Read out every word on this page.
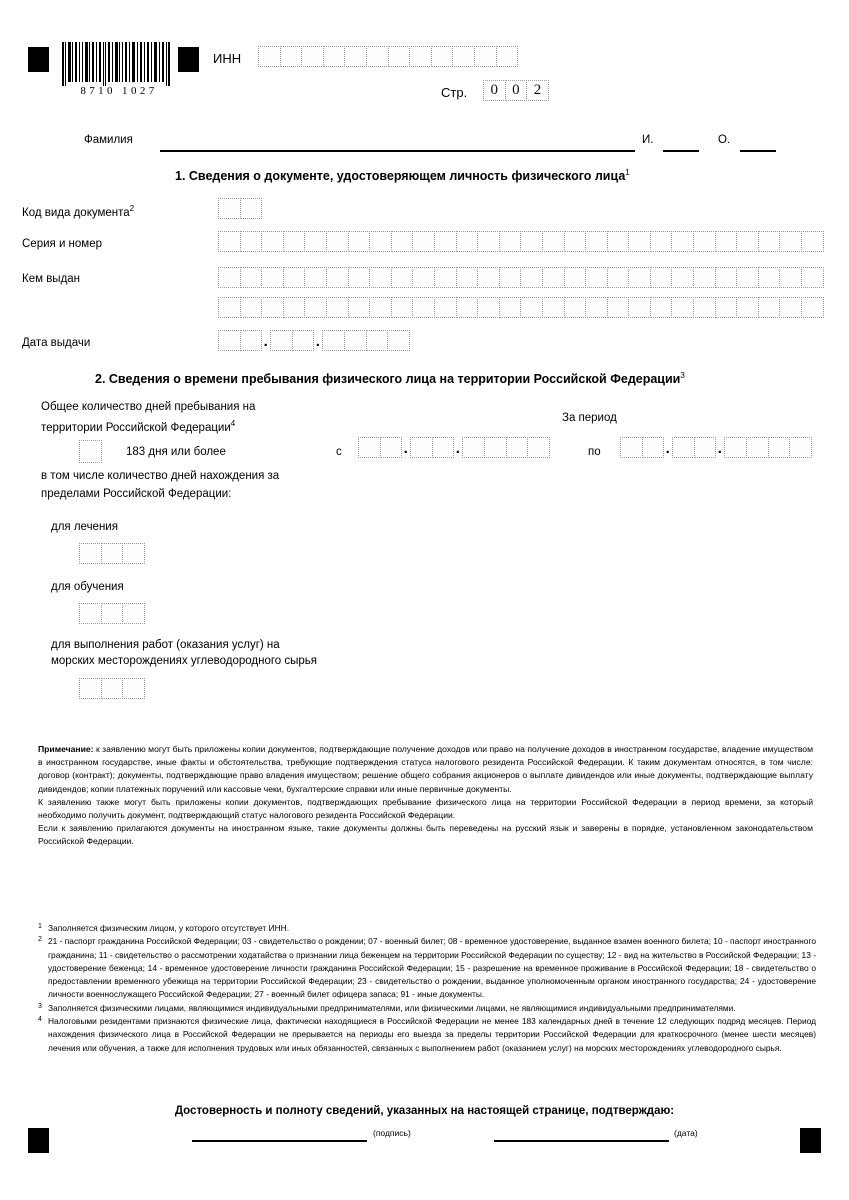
8710 1027
ИНН
Стр.	0 0 2
Фамилия	И.	О.
1. Сведения о документе, удостоверяющем личность физического лица$^1$
Код вида документа$^2$
Серия и номер
Кем выдан
Дата выдачи	.	.
2. Сведения о времени пребывания физического лица на территории Российской Федерации$^3$
Общее количество дней пребывания на
территории Российской Федерации$^4$
183 дня или более
За период
с	.	.	по	.	.
в том числе количество дней нахождения за
пределами Российской Федерации:
для лечения
для обучения
для выполнения работ (оказания услуг) на
морских месторождениях углеводородного сырья

Примечание: к заявлению могут быть приложены копии документов, подтверждающие получение доходов или право на получение доходов в иностранном государстве, владение имуществом в иностранном государстве, иные факты и обстоятельства, требующие подтверждения статуса налогового резидента Российской Федерации. К таким документам относятся, в том числе: договор (контракт); документы, подтверждающие право владения имуществом; решение общего собрания акционеров о выплате дивидендов или иные документы, подтверждающие выплату дивидендов; копии платежных поручений или кассовые чеки, бухгалтерские справки или иные первичные документы.

К заявлению также могут быть приложены копии документов, подтверждающих пребывание физического лица на территории Российской Федерации в период времени, за который необходимо получить документ, подтверждающий статус налогового резидента Российской Федерации.

Если к заявлению прилагаются документы на иностранном языке, такие документы должны быть переведены на русский язык и заверены в порядке, установленном законодательством Российской Федерации.

1 Заполняется физическим лицом, у которого отсутствует ИНН.
2 21 - паспорт гражданина Российской Федерации; 03 - свидетельство о рождении; 07 - военный билет; 08 - временное удостоверение, выданное взамен военного билета; 10 - паспорт иностранного гражданина; 11 - свидетельство о рассмотрении ходатайства о признании лица беженцем на территории Российской Федерации по существу; 12 - вид на жительство в Российской Федерации; 13 - удостоверение беженца; 14 - временное удостоверение личности гражданина Российской Федерации; 15 - разрешение на временное проживание в Российской Федерации; 18 - свидетельство о предоставлении временного убежища на территории Российской Федерации; 23 - свидетельство о рождении, выданное уполномоченным органом иностранного государства; 24 - удостоверение личности военнослужащего Российской Федерации; 27 - военный билет офицера запаса; 91 - иные документы.
3 Заполняется физическими лицами, являющимися индивидуальными предпринимателями, или физическими лицами, не являющимися индивидуальными предпринимателями.
4 Налоговыми резидентами признаются физические лица, фактически находящиеся в Российской Федерации не менее 183 календарных дней в течение 12 следующих подряд месяцев. Период нахождения физического лица в Российской Федерации не прерывается на периоды его выезда за пределы территории Российской Федерации для краткосрочного (менее шести месяцев) лечения или обучения, а также для исполнения трудовых или иных обязанностей, связанных с выполнением работ (оказанием услуг) на морских месторождениях углеводородного сырья.
Достоверность и полноту сведений, указанных на настоящей странице, подтверждаю:
(подпись)	(дата)
